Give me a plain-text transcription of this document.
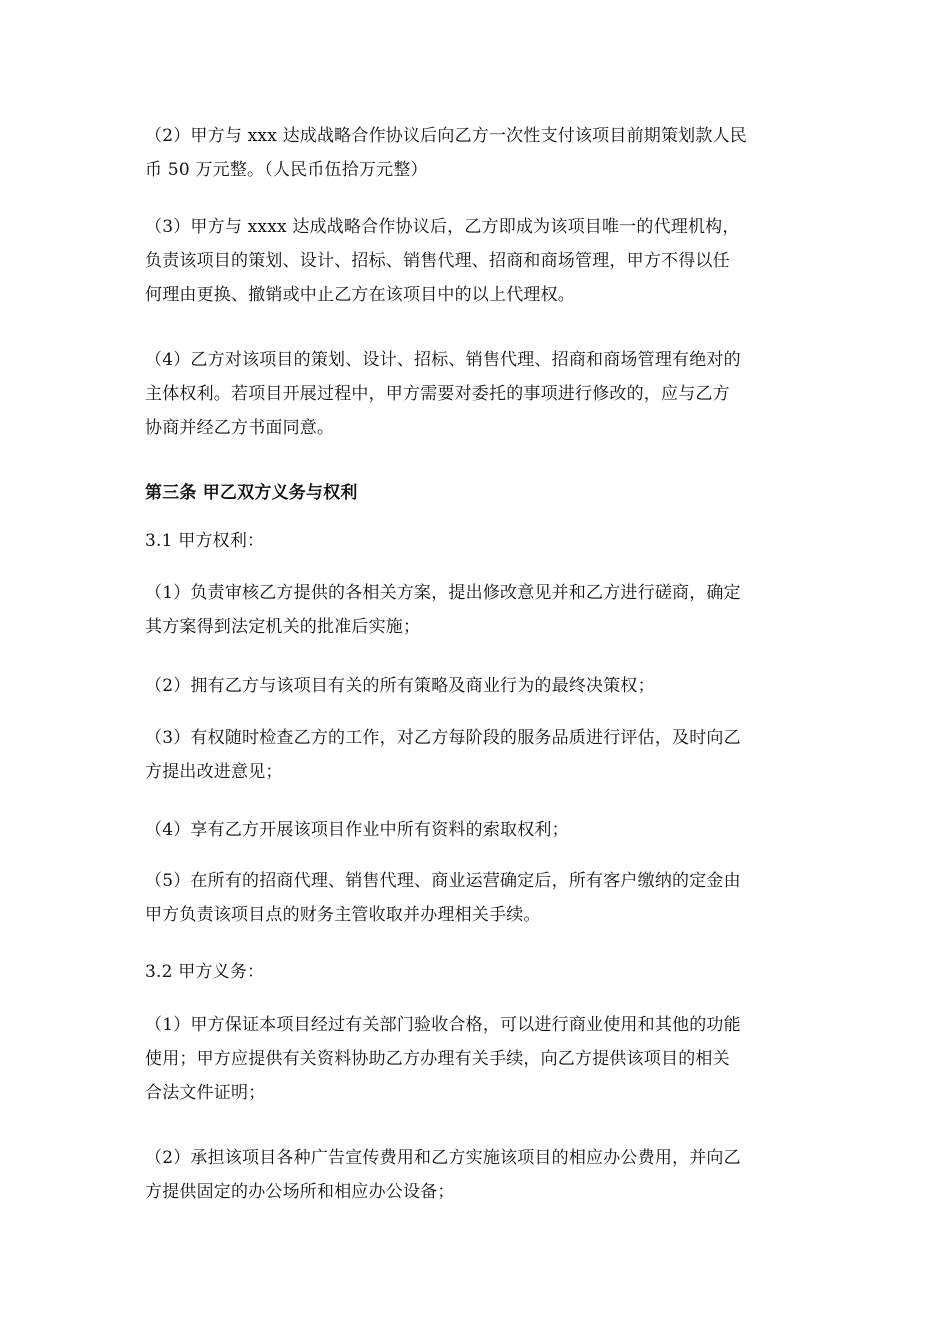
（2）甲方与 xxx 达成战略合作协议后向乙方一次性支付该项目前期策划款人民
币 50 万元整。（人民币伍拾万元整）
（3）甲方与 xxxx 达成战略合作协议后，乙方即成为该项目唯一的代理机构，
负责该项目的策划、设计、招标、销售代理、招商和商场管理，甲方不得以任
何理由更换、撤销或中止乙方在该项目中的以上代理权。
（4）乙方对该项目的策划、设计、招标、销售代理、招商和商场管理有绝对的
主体权利。若项目开展过程中，甲方需要对委托的事项进行修改的，应与乙方
协商并经乙方书面同意。
第三条 甲乙双方义务与权利
3.1 甲方权利：
（1）负责审核乙方提供的各相关方案，提出修改意见并和乙方进行磋商，确定
其方案得到法定机关的批准后实施；
（2）拥有乙方与该项目有关的所有策略及商业行为的最终决策权；
（3）有权随时检查乙方的工作，对乙方每阶段的服务品质进行评估，及时向乙
方提出改进意见；
（4）享有乙方开展该项目作业中所有资料的索取权利；
（5）在所有的招商代理、销售代理、商业运营确定后，所有客户缴纳的定金由
甲方负责该项目点的财务主管收取并办理相关手续。
3.2 甲方义务：
（1）甲方保证本项目经过有关部门验收合格，可以进行商业使用和其他的功能
使用；甲方应提供有关资料协助乙方办理有关手续，向乙方提供该项目的相关
合法文件证明；
（2）承担该项目各种广告宣传费用和乙方实施该项目的相应办公费用，并向乙
方提供固定的办公场所和相应办公设备；
